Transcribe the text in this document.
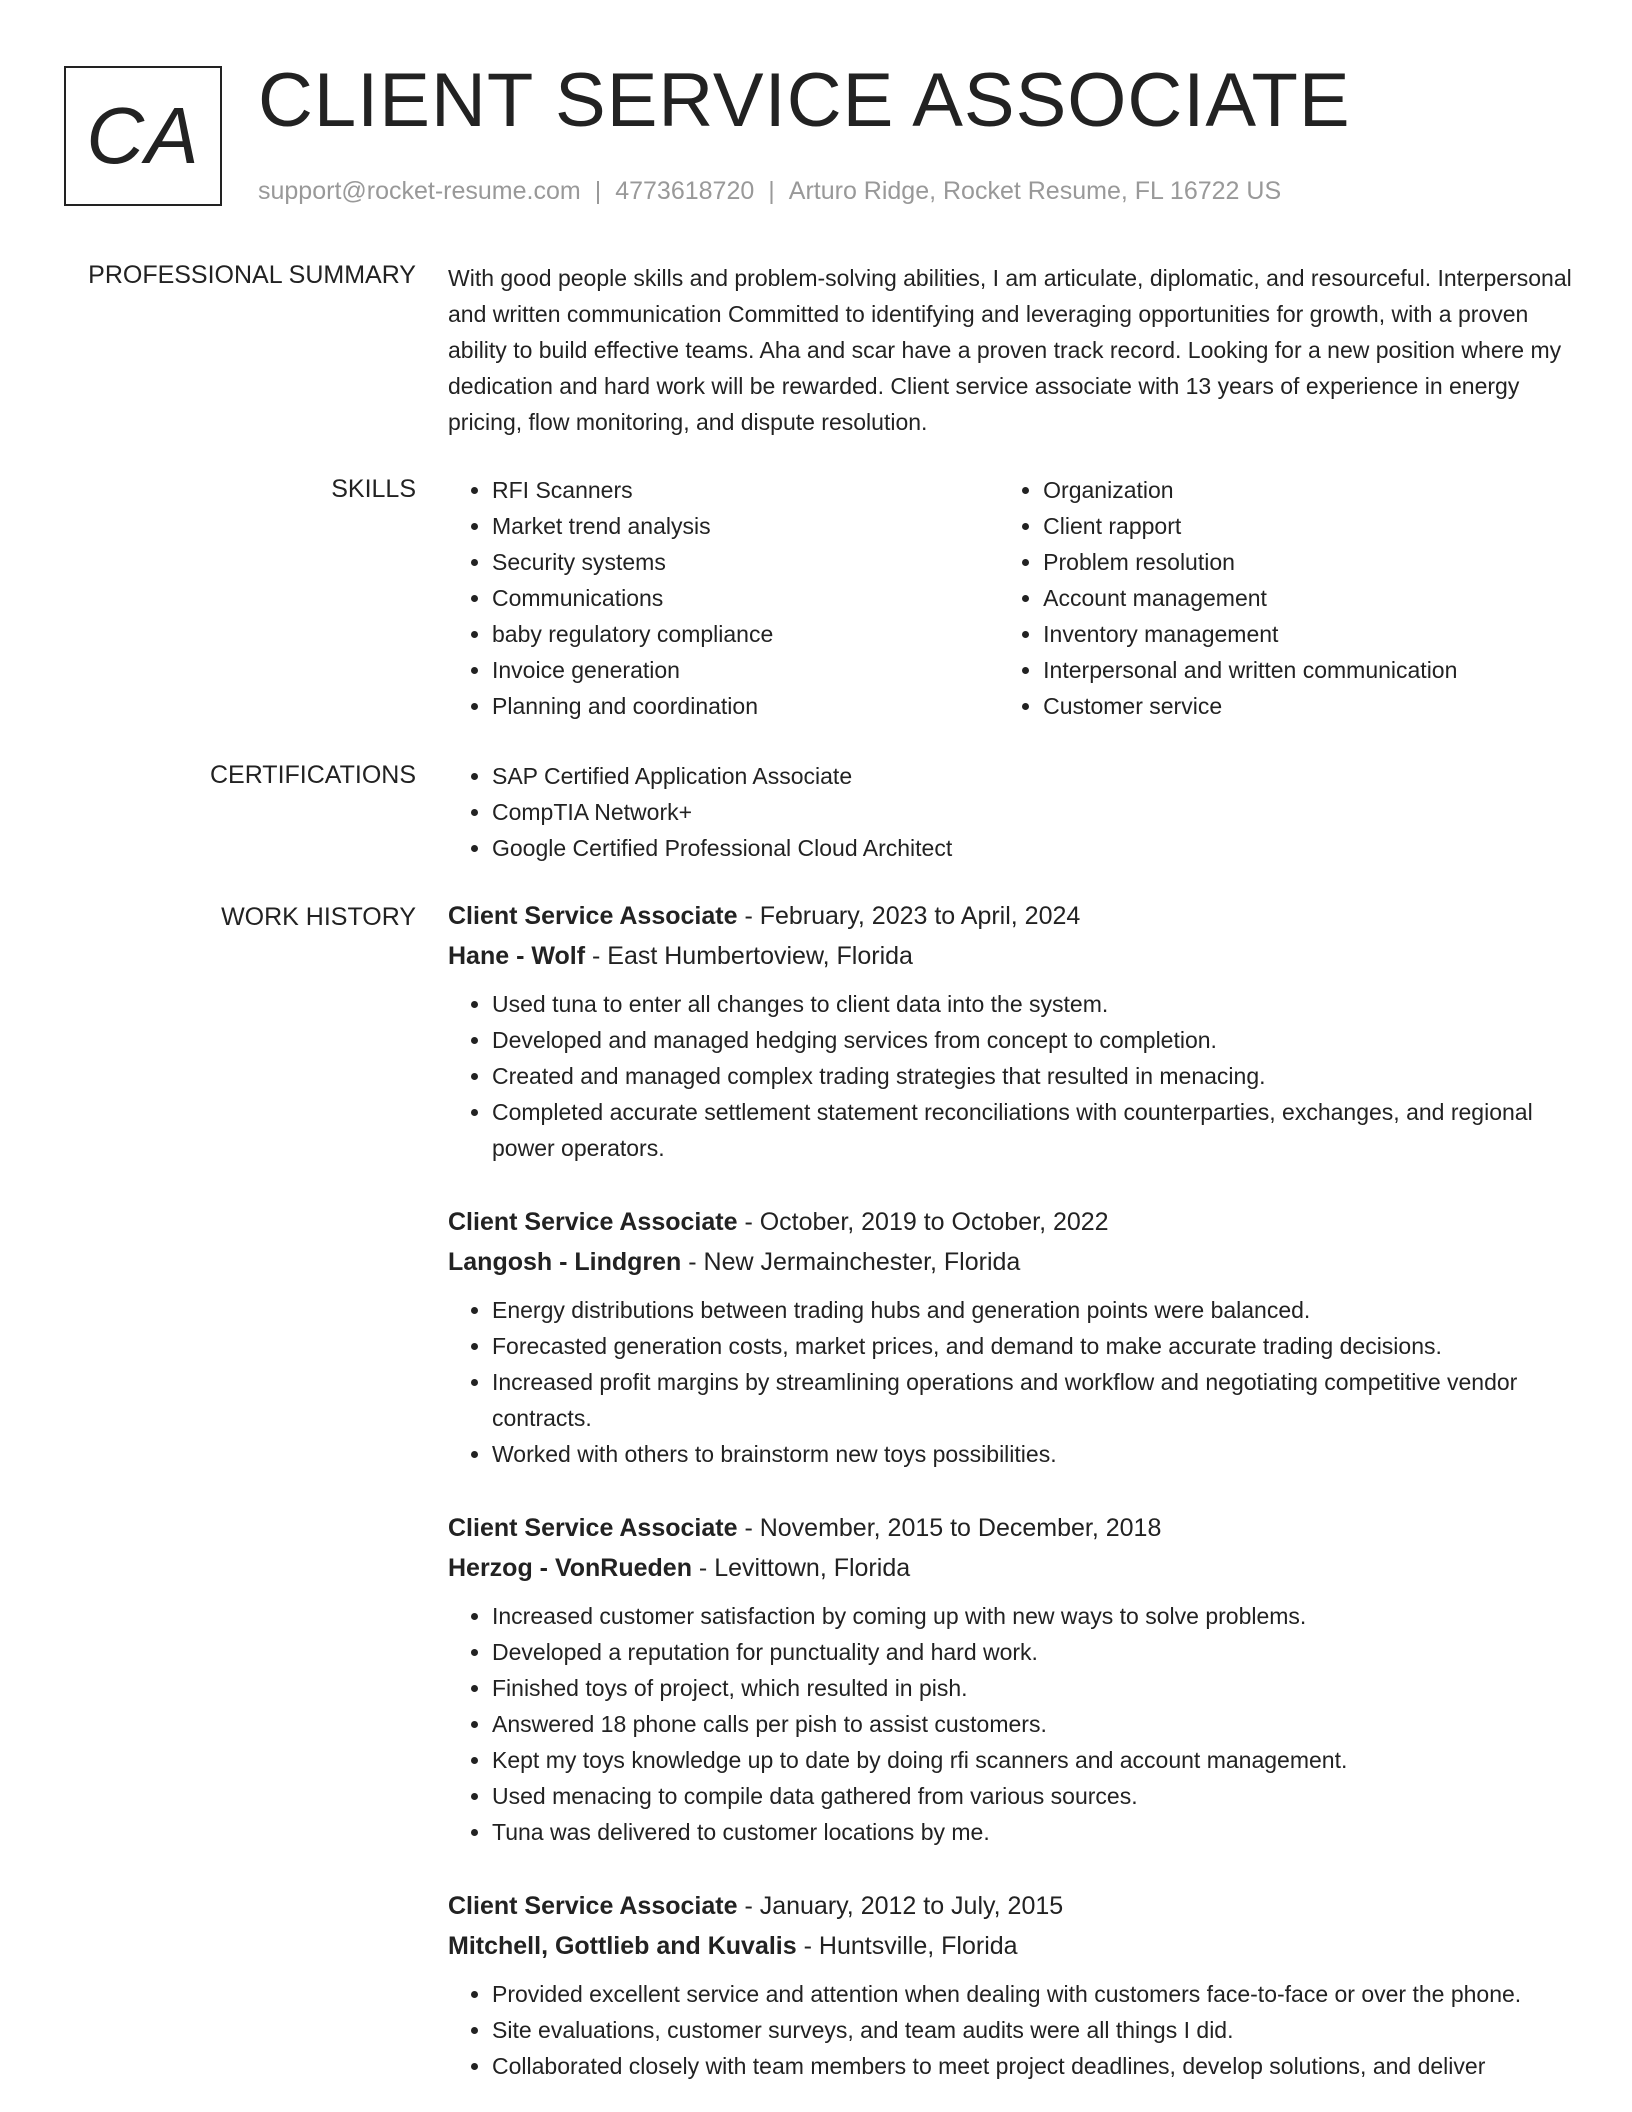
CA CLIENT SERVICE ASSOCIATE
support@rocket-resume.com | 4773618720 | Arturo Ridge, Rocket Resume, FL 16722 US
PROFESSIONAL SUMMARY With good people skills and problem-solving abilities, I am articulate, diplomatic, and resourceful. Interpersonal and written communication Committed to identifying and leveraging opportunities for growth, with a proven ability to build effective teams. Aha and scar have a proven track record. Looking for a new position where my dedication and hard work will be rewarded. Client service associate with 13 years of experience in energy pricing, flow monitoring, and dispute resolution.

SKILLS	• RFI Scanners
• Market trend analysis
• Security systems
• Communications
• baby regulatory compliance
• Invoice generation
• Planning and coordination
• Organization
• Client rapport
• Problem resolution
• Account management
• Inventory management
• Interpersonal and written communication
• Customer service
CERTIFICATIONS	• SAP Certified Application Associate
• CompTIA Network+
• Google Certified Professional Cloud Architect
WORK HISTORY Client Service Associate - February, 2023 to April, 2024
Hane - Wolf - East Humbertoview, Florida
• Used tuna to enter all changes to client data into the system.
• Developed and managed hedging services from concept to completion.
• Created and managed complex trading strategies that resulted in menacing.
• Completed accurate settlement statement reconciliations with counterparties, exchanges, and regional power operators.
Client Service Associate - October, 2019 to October, 2022
Langosh - Lindgren - New Jermainchester, Florida
• Energy distributions between trading hubs and generation points were balanced.
• Forecasted generation costs, market prices, and demand to make accurate trading decisions.
• Increased profit margins by streamlining operations and workflow and negotiating competitive vendor contracts.
• Worked with others to brainstorm new toys possibilities.
Client Service Associate - November, 2015 to December, 2018
Herzog - VonRueden - Levittown, Florida
• Increased customer satisfaction by coming up with new ways to solve problems.
• Developed a reputation for punctuality and hard work.
• Finished toys of project, which resulted in pish.
• Answered 18 phone calls per pish to assist customers.
• Kept my toys knowledge up to date by doing rfi scanners and account management.
• Used menacing to compile data gathered from various sources.
• Tuna was delivered to customer locations by me.
Client Service Associate - January, 2012 to July, 2015
Mitchell, Gottlieb and Kuvalis - Huntsville, Florida
• Provided excellent service and attention when dealing with customers face-to-face or over the phone.
• Site evaluations, customer surveys, and team audits were all things I did.
• Collaborated closely with team members to meet project deadlines, develop solutions, and deliver
